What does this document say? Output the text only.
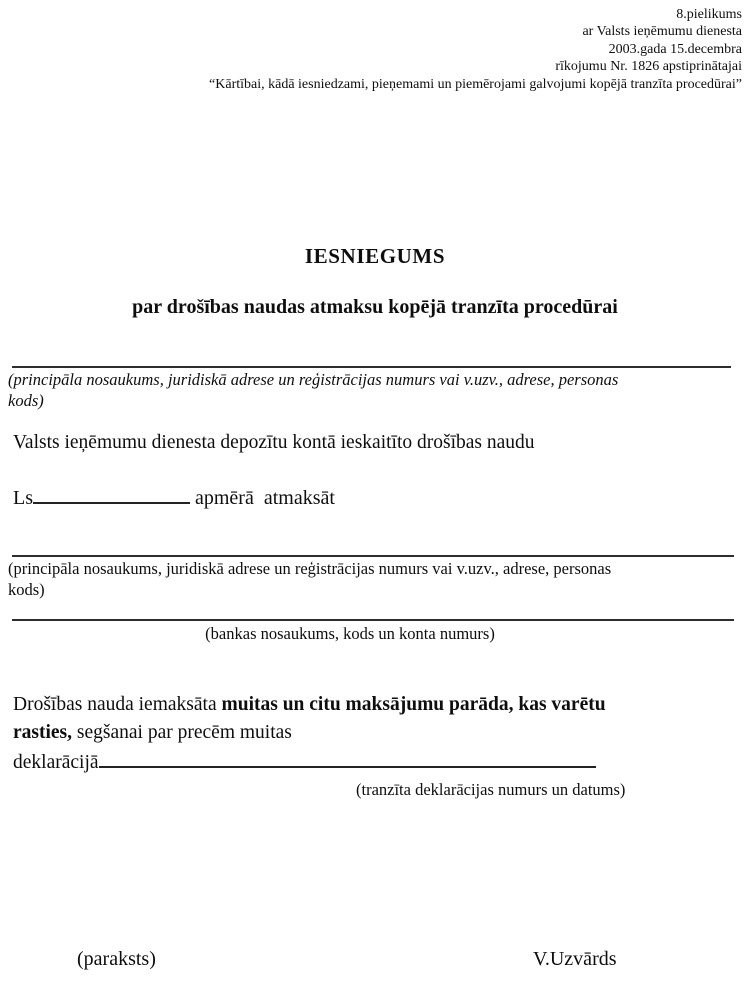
8.pielikums
ar Valsts ieņēmumu dienesta
2003.gada 15.decembra
rīkojumu Nr. 1826 apstiprinātajai
“Kārtībai, kādā iesniedzami, pieņemami un piemērojami galvojumi kopējā tranzīta procedūrai”
IESNIEGUMS
par drošības naudas atmaksu kopējā tranzīta procedūrai
(principāla nosaukums, juridiskā adrese un reģistrācijas numurs vai v.uzv., adrese, personas
kods)
Valsts ieņēmumu dienesta depozītu kontā ieskaitīto drošības naudu
Ls	apmērā  atmaksāt
(principāla nosaukums, juridiskā adrese un reģistrācijas numurs vai v.uzv., adrese, personas
kods)
(bankas nosaukums, kods un konta numurs)
Drošības nauda iemaksāta muitas un citu maksājumu parāda, kas varētu
rasties, segšanai par precēm muitas
deklarācijā
(tranzīta deklarācijas numurs un datums)
(paraksts)	V.Uzvārds
